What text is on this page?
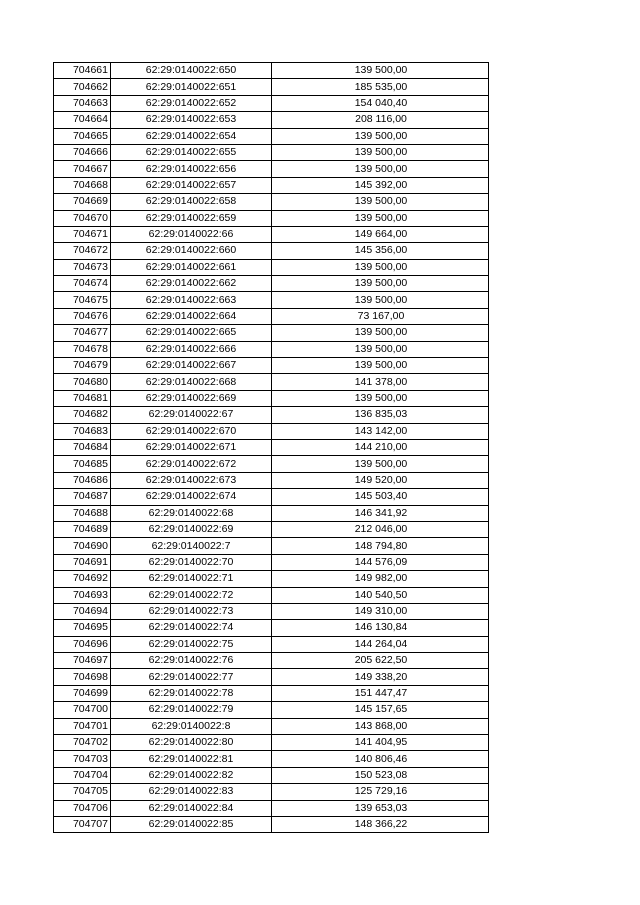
704661	62:29:0140022:650	139 500,00
704662	62:29:0140022:651	185 535,00
704663	62:29:0140022:652	154 040,40
704664	62:29:0140022:653	208 116,00
704665	62:29:0140022:654	139 500,00
704666	62:29:0140022:655	139 500,00
704667	62:29:0140022:656	139 500,00
704668	62:29:0140022:657	145 392,00
704669	62:29:0140022:658	139 500,00
704670	62:29:0140022:659	139 500,00
704671	62:29:0140022:66	149 664,00
704672	62:29:0140022:660	145 356,00
704673	62:29:0140022:661	139 500,00
704674	62:29:0140022:662	139 500,00
704675	62:29:0140022:663	139 500,00
704676	62:29:0140022:664	73 167,00
704677	62:29:0140022:665	139 500,00
704678	62:29:0140022:666	139 500,00
704679	62:29:0140022:667	139 500,00
704680	62:29:0140022:668	141 378,00
704681	62:29:0140022:669	139 500,00
704682	62:29:0140022:67	136 835,03
704683	62:29:0140022:670	143 142,00
704684	62:29:0140022:671	144 210,00
704685	62:29:0140022:672	139 500,00
704686	62:29:0140022:673	149 520,00
704687	62:29:0140022:674	145 503,40
704688	62:29:0140022:68	146 341,92
704689	62:29:0140022:69	212 046,00
704690	62:29:0140022:7	148 794,80
704691	62:29:0140022:70	144 576,09
704692	62:29:0140022:71	149 982,00
704693	62:29:0140022:72	140 540,50
704694	62:29:0140022:73	149 310,00
704695	62:29:0140022:74	146 130,84
704696	62:29:0140022:75	144 264,04
704697	62:29:0140022:76	205 622,50
704698	62:29:0140022:77	149 338,20
704699	62:29:0140022:78	151 447,47
704700	62:29:0140022:79	145 157,65
704701	62:29:0140022:8	143 868,00
704702	62:29:0140022:80	141 404,95
704703	62:29:0140022:81	140 806,46
704704	62:29:0140022:82	150 523,08
704705	62:29:0140022:83	125 729,16
704706	62:29:0140022:84	139 653,03
704707	62:29:0140022:85	148 366,22
